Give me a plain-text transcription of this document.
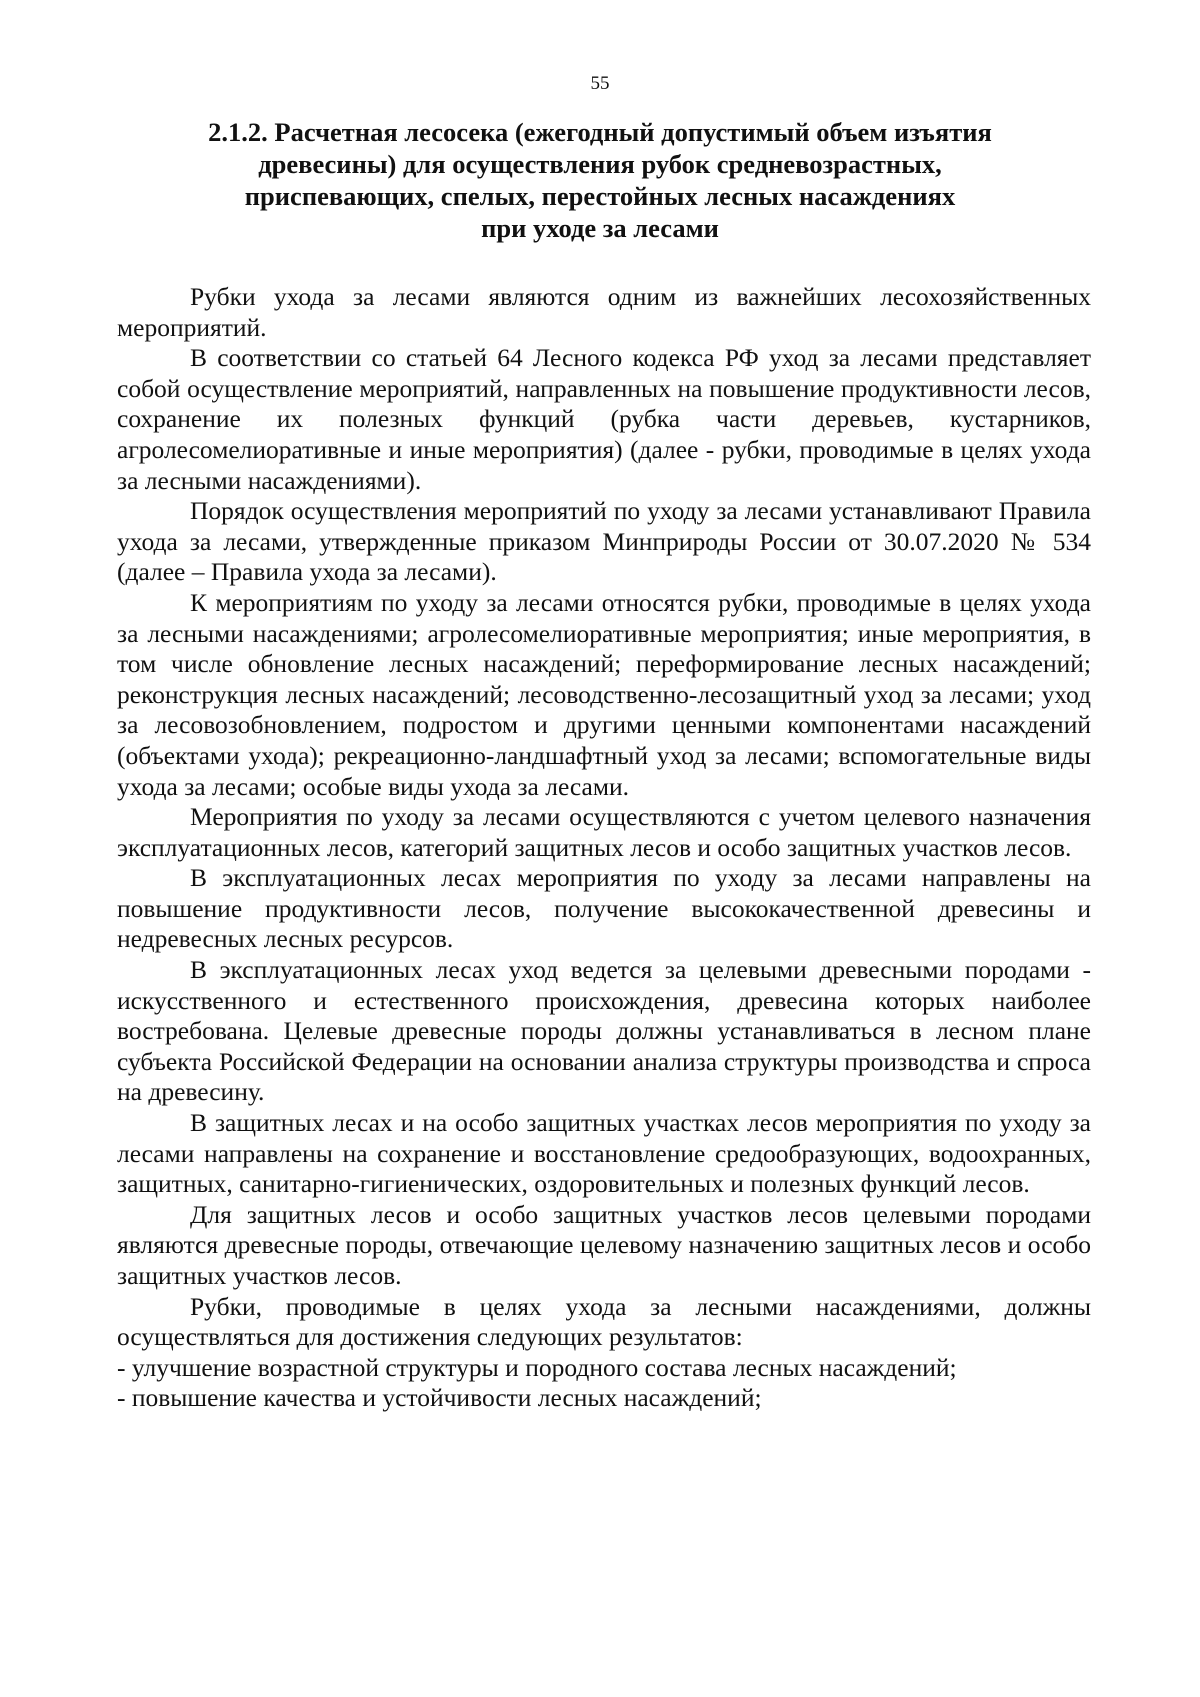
55
2.1.2. Расчетная лесосека (ежегодный допустимый объем изъятия
древесины) для осуществления рубок средневозрастных,
приспевающих, спелых, перестойных лесных насаждениях
при уходе за лесами

Рубки ухода за лесами являются одним из важнейших лесохозяйственных мероприятий.

В соответствии со статьей 64 Лесного кодекса РФ уход за лесами представляет собой осуществление мероприятий, направленных на повышение продуктивности лесов, сохранение их полезных функций (рубка части деревьев, кустарников, агролесомелиоративные и иные мероприятия) (далее - рубки, проводимые в целях ухода за лесными насаждениями).

Порядок осуществления мероприятий по уходу за лесами устанавливают Правила ухода за лесами, утвержденные приказом Минприроды России от 30.07.2020 № 534 (далее – Правила ухода за лесами).

К мероприятиям по уходу за лесами относятся рубки, проводимые в целях ухода за лесными насаждениями; агролесомелиоративные мероприятия; иные мероприятия, в том числе обновление лесных насаждений; переформирование лесных насаждений; реконструкция лесных насаждений; лесоводственно-лесозащитный уход за лесами; уход за лесовозобновлением, подростом и другими ценными компонентами насаждений (объектами ухода); рекреационно-ландшафтный уход за лесами; вспомогательные виды ухода за лесами; особые виды ухода за лесами.

Мероприятия по уходу за лесами осуществляются с учетом целевого назначения эксплуатационных лесов, категорий защитных лесов и особо защитных участков лесов.

В эксплуатационных лесах мероприятия по уходу за лесами направлены на повышение продуктивности лесов, получение высококачественной древесины и недревесных лесных ресурсов.

В эксплуатационных лесах уход ведется за целевыми древесными породами - искусственного и естественного происхождения, древесина которых наиболее востребована. Целевые древесные породы должны устанавливаться в лесном плане субъекта Российской Федерации на основании анализа структуры производства и спроса на древесину.

В защитных лесах и на особо защитных участках лесов мероприятия по уходу за лесами направлены на сохранение и восстановление средообразующих, водоохранных, защитных, санитарно-гигиенических, оздоровительных и полезных функций лесов.

Для защитных лесов и особо защитных участков лесов целевыми породами являются древесные породы, отвечающие целевому назначению защитных лесов и особо защитных участков лесов.

Рубки, проводимые в целях ухода за лесными насаждениями, должны осуществляться для достижения следующих результатов:

- улучшение возрастной структуры и породного состава лесных насаждений;

- повышение качества и устойчивости лесных насаждений;
